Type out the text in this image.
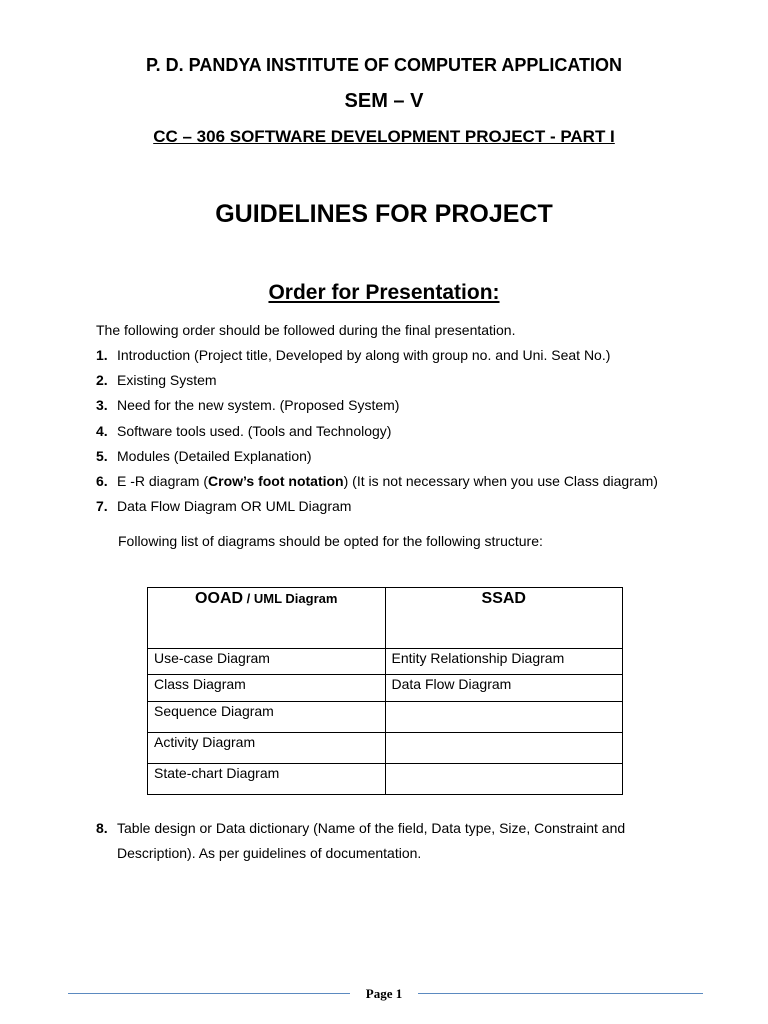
P. D. PANDYA INSTITUTE OF COMPUTER APPLICATION
SEM – V
CC – 306 SOFTWARE DEVELOPMENT PROJECT - PART I
GUIDELINES FOR PROJECT
Order for Presentation:
The following order should be followed during the final presentation.
1. Introduction (Project title, Developed by along with group no. and Uni. Seat No.)
2. Existing System
3. Need for the new system. (Proposed System)
4. Software tools used. (Tools and Technology)
5. Modules (Detailed Explanation)
6. E -R diagram (Crow’s foot notation) (It is not necessary when you use Class diagram)
7. Data Flow Diagram OR UML Diagram
Following list of diagrams should be opted for the following structure:
OOAD / UML Diagram	SSAD
Use-case Diagram	Entity Relationship Diagram
Class Diagram	Data Flow Diagram
Sequence Diagram	
Activity Diagram	
State-chart Diagram	
8. Table design or Data dictionary (Name of the field, Data type, Size, Constraint and Description). As per guidelines of documentation.
Page 1
